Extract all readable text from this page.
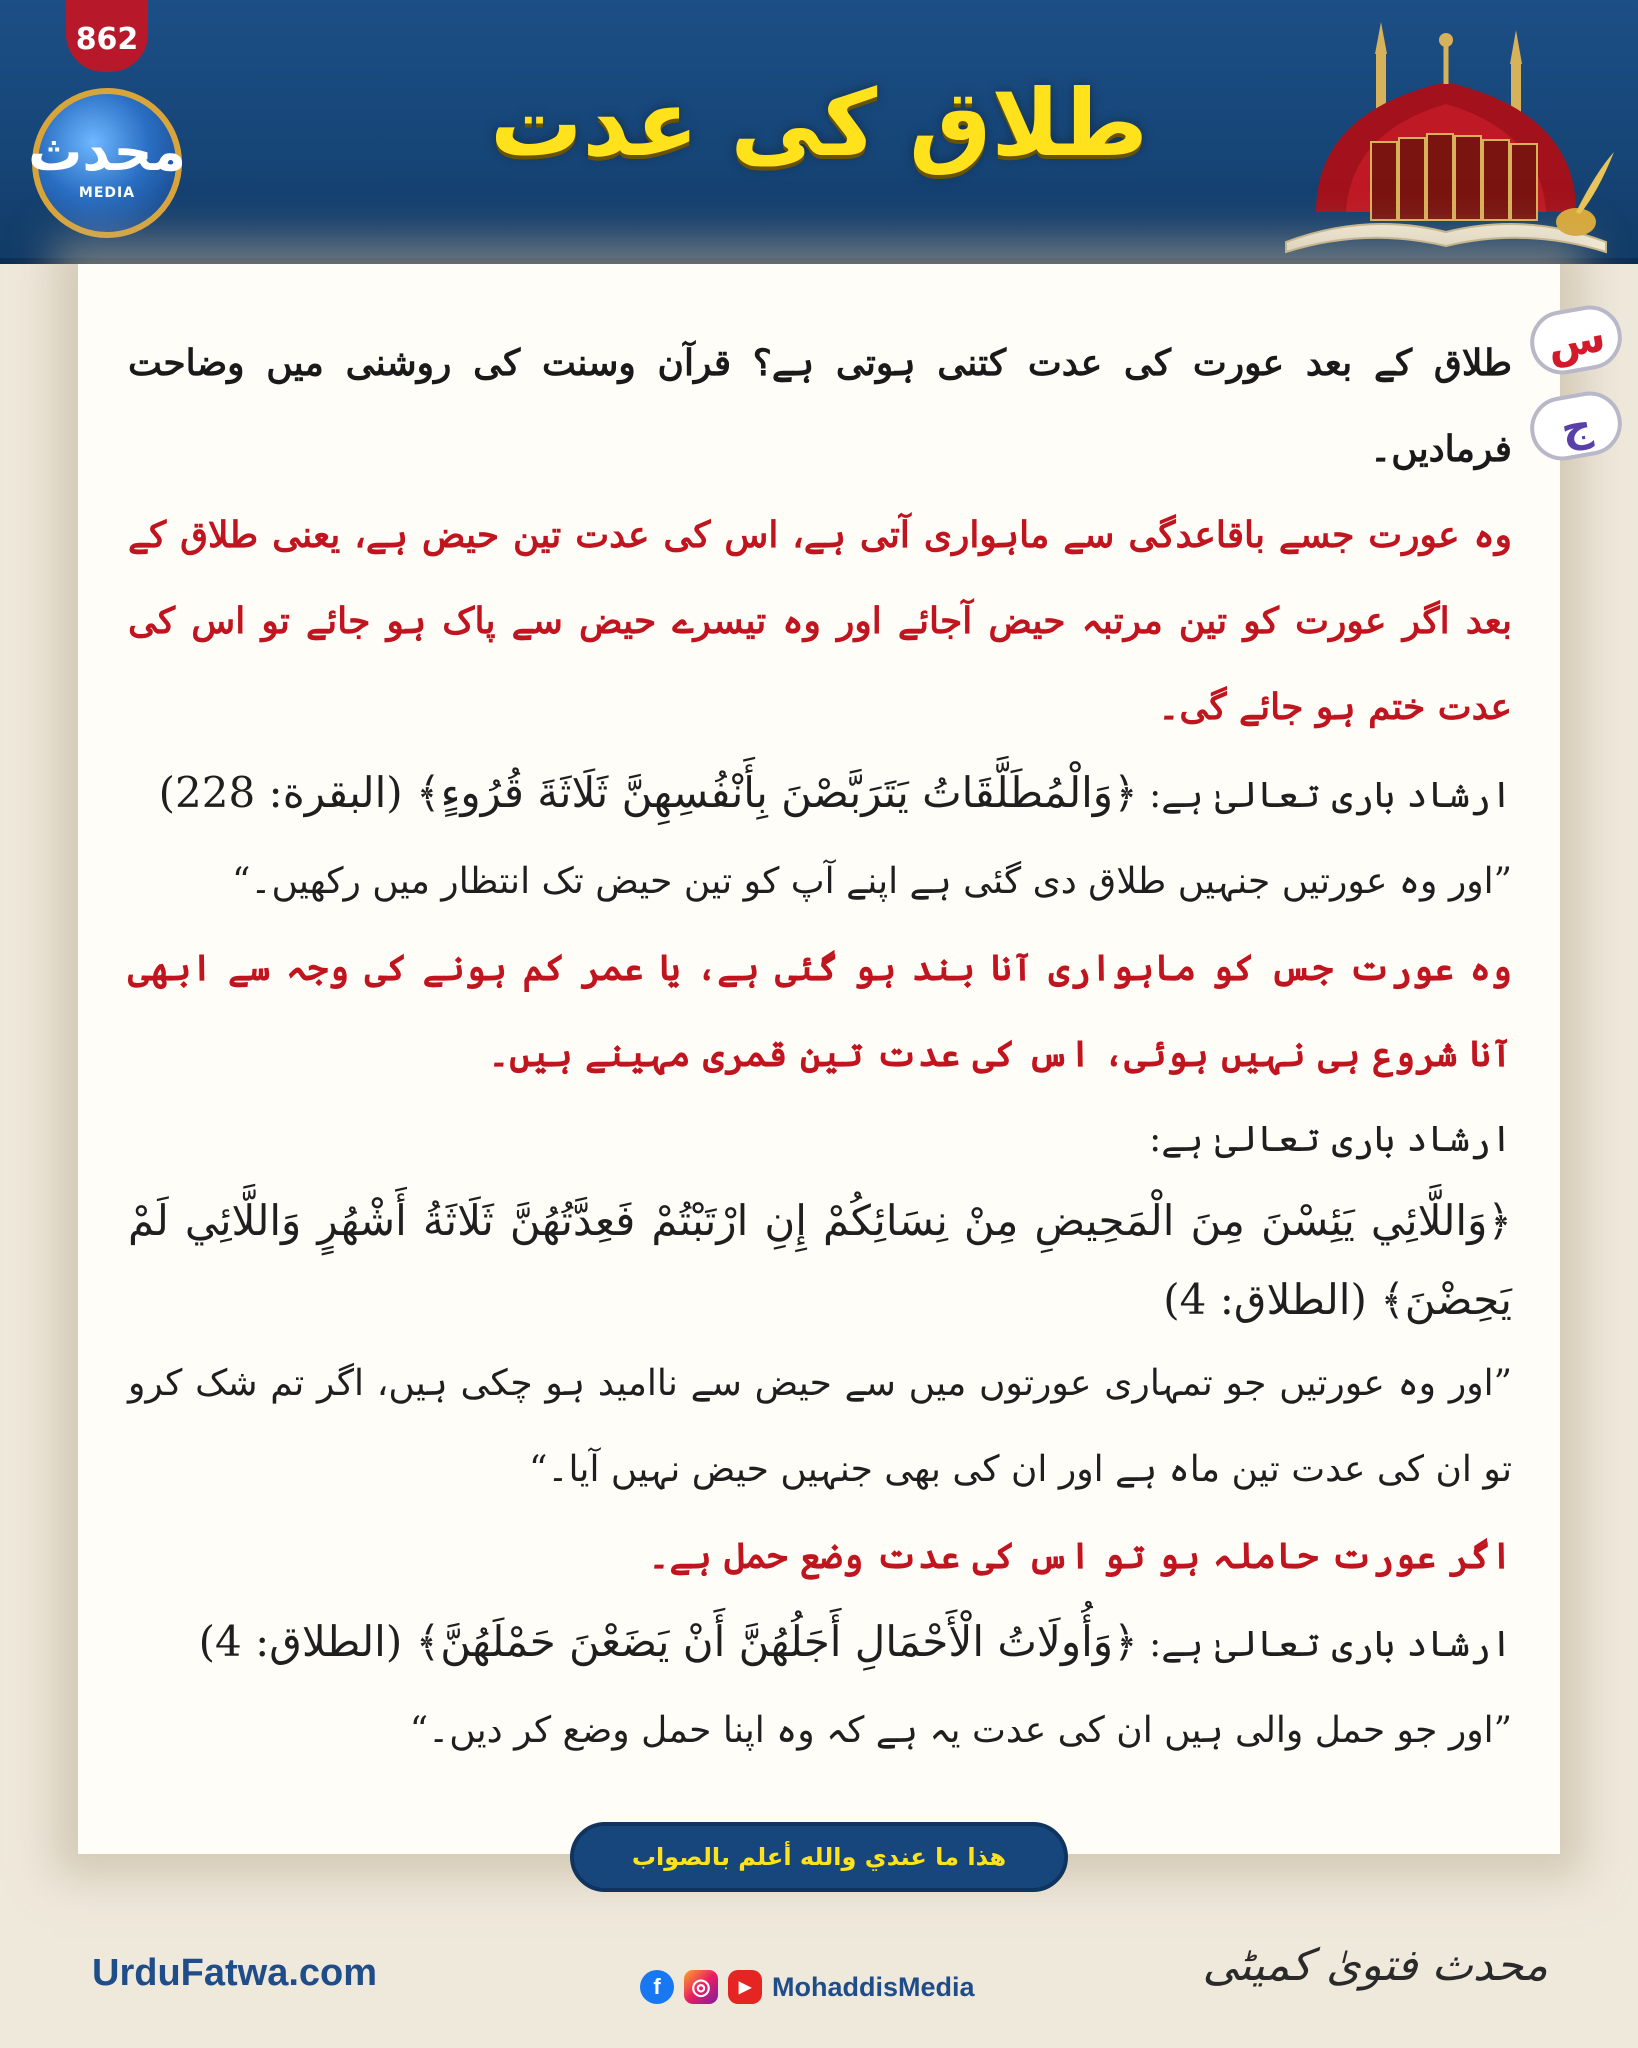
862
محدث
MEDIA
طلاق کی عدت
س
ج

طلاق کے بعد عورت کی عدت کتنی ہوتی ہے؟ قرآن وسنت کی روشنی میں وضاحت فرمادیں۔

وہ عورت جسے باقاعدگی سے ماہواری آتی ہے، اس کی عدت تین حیض ہے، یعنی طلاق کے بعد اگر عورت کو تین مرتبہ حیض آجائے اور وہ تیسرے حیض سے پاک ہو جائے تو اس کی عدت ختم ہو جائے گی۔

ارشاد باری تعالیٰ ہے: ﴿وَالْمُطَلَّقَاتُ يَتَرَبَّصْنَ بِأَنْفُسِهِنَّ ثَلَاثَةَ قُرُوءٍ﴾ (البقرة: 228)

”اور وہ عورتیں جنہیں طلاق دی گئی ہے اپنے آپ کو تین حیض تک انتظار میں رکھیں۔“

وہ عورت جس کو ماہواری آنا بند ہو گئی ہے، یا عمر کم ہونے کی وجہ سے ابھی آنا شروع ہی نہیں ہوئی، اس کی عدت تین قمری مہینے ہیں۔

ارشاد باری تعالیٰ ہے:

﴿وَاللَّائِي يَئِسْنَ مِنَ الْمَحِيضِ مِنْ نِسَائِكُمْ إِنِ ارْتَبْتُمْ فَعِدَّتُهُنَّ ثَلَاثَةُ أَشْهُرٍ وَاللَّائِي لَمْ يَحِضْنَ﴾ (الطلاق: 4)

”اور وہ عورتیں جو تمہاری عورتوں میں سے حیض سے ناامید ہو چکی ہیں، اگر تم شک کرو تو ان کی عدت تین ماہ ہے اور ان کی بھی جنہیں حیض نہیں آیا۔“

اگر عورت حاملہ ہو تو اس کی عدت وضع حمل ہے۔

ارشاد باری تعالیٰ ہے: ﴿وَأُولَاتُ الْأَحْمَالِ أَجَلُهُنَّ أَنْ يَضَعْنَ حَمْلَهُنَّ﴾ (الطلاق: 4)

”اور جو حمل والی ہیں ان کی عدت یہ ہے کہ وہ اپنا حمل وضع کر دیں۔“

هذا ما عندي والله أعلم بالصواب
UrduFatwa.com	f	◎	▶ MohaddisMedia	محدث فتویٰ کمیٹی
